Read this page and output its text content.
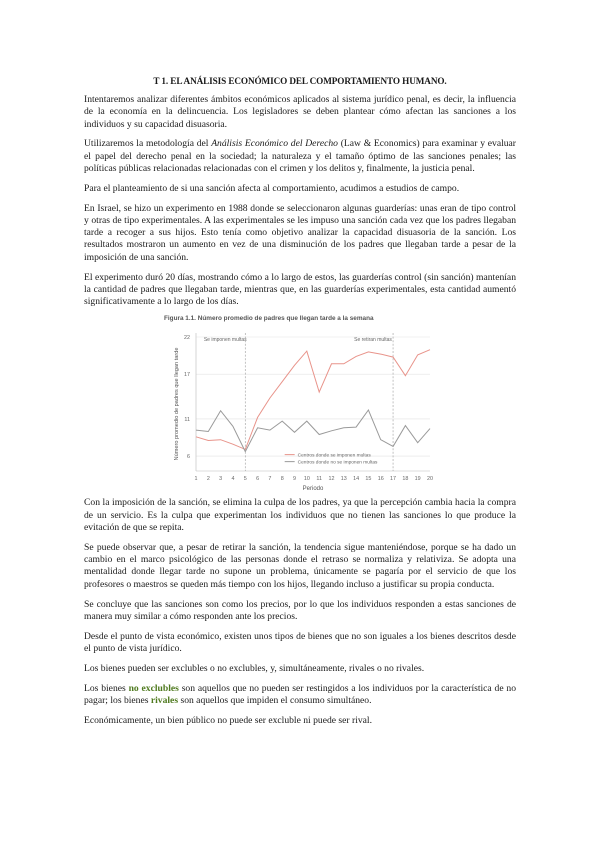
T 1. EL ANÁLISIS ECONÓMICO DEL COMPORTAMIENTO HUMANO.

Intentaremos analizar diferentes ámbitos económicos aplicados al sistema jurídico penal, es decir, la influencia de la economía en la delincuencia. Los legisladores se deben plantear cómo afectan las sanciones a los individuos y su capacidad disuasoria.

Utilizaremos la metodología del Análisis Económico del Derecho (Law & Economics) para examinar y evaluar el papel del derecho penal en la sociedad; la naturaleza y el tamaño óptimo de las sanciones penales; las políticas públicas relacionadas relacionadas con el crimen y los delitos y, finalmente, la justicia penal.

Para el planteamiento de si una sanción afecta al comportamiento, acudimos a estudios de campo.

En Israel, se hizo un experimento en 1988 donde se seleccionaron algunas guarderías: unas eran de tipo control y otras de tipo experimentales. A las experimentales se les impuso una sanción cada vez que los padres llegaban tarde a recoger a sus hijos. Esto tenía como objetivo analizar la capacidad disuasoria de la sanción. Los resultados mostraron un aumento en vez de una disminución de los padres que llegaban tarde a pesar de la imposición de una sanción.

El experimento duró 20 días, mostrando cómo a lo largo de estos, las guarderías control (sin sanción) mantenían la cantidad de padres que llegaban tarde, mientras que, en las guarderías experimentales, esta cantidad aumentó significativamente a lo largo de los días.

Figura 1.1. Número promedio de padres que llegan tarde a la semana
6
11
17
22
1 2 3 4 5 6 7 8 9 10 11 12 13 14 15 16 17 18 19 20
Periodo
Número promedio de padres que llegan tarde
Se imponen multas	Se retiran multas
Centros donde se imponen multas
Centros donde no se imponen multas

Con la imposición de la sanción, se elimina la culpa de los padres, ya que la percepción cambia hacia la compra de un servicio. Es la culpa que experimentan los individuos que no tienen las sanciones lo que produce la evitación de que se repita.

Se puede observar que, a pesar de retirar la sanción, la tendencia sigue manteniéndose, porque se ha dado un cambio en el marco psicológico de las personas donde el retraso se normaliza y relativiza. Se adopta una mentalidad donde llegar tarde no supone un problema, únicamente se pagaría por el servicio de que los profesores o maestros se queden más tiempo con los hijos, llegando incluso a justificar su propia conducta.

Se concluye que las sanciones son como los precios, por lo que los individuos responden a estas sanciones de manera muy similar a cómo responden ante los precios.

Desde el punto de vista económico, existen unos tipos de bienes que no son iguales a los bienes descritos desde el punto de vista jurídico.

Los bienes pueden ser exclubles o no exclubles, y, simultáneamente, rivales o no rivales.

Los bienes no exclubles son aquellos que no pueden ser restingidos a los individuos por la característica de no pagar; los bienes rivales son aquellos que impiden el consumo simultáneo.

Económicamente, un bien público no puede ser excluble ni puede ser rival.
